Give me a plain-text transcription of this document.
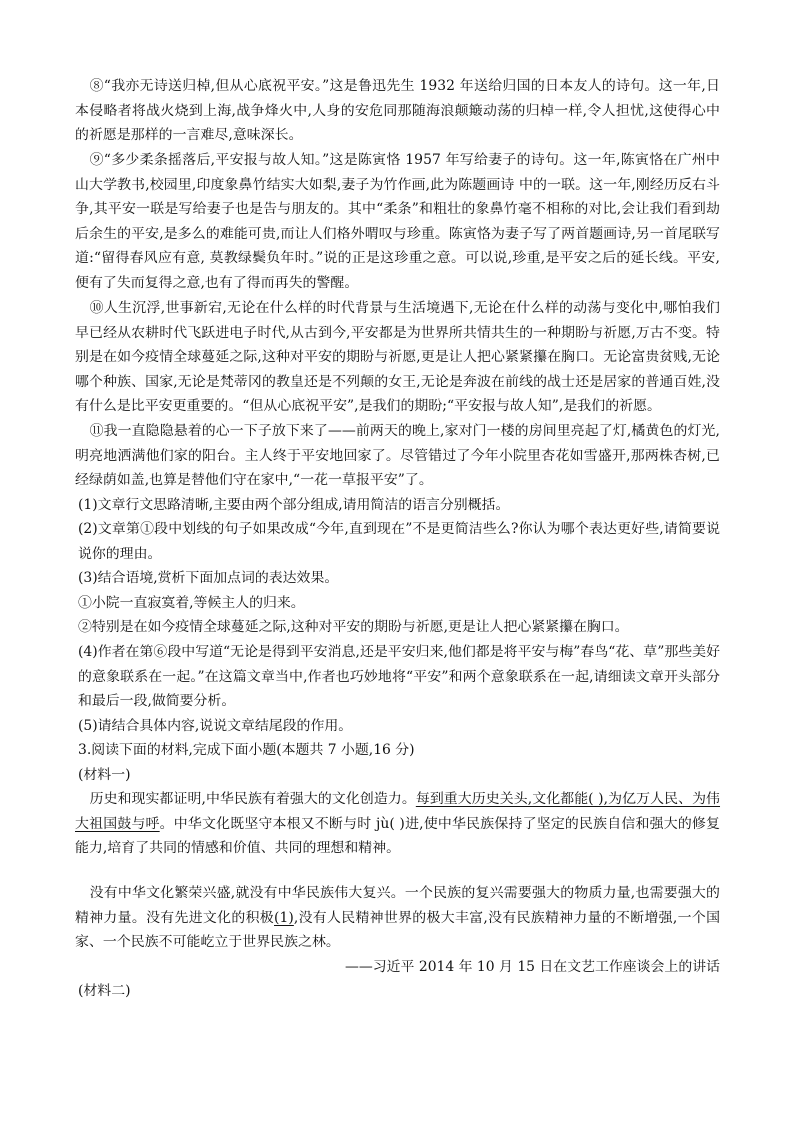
⑧“我亦无诗送归棹,但从心底祝平安。”这是鲁迅先生 1932 年送给归国的日本友人的诗句。这一年,日本侵略者将战火烧到上海,战争烽火中,人身的安危同那随海浪颠簸动荡的归棹一样,令人担忧,这使得心中的祈愿是那样的一言难尽,意味深长。

⑨“多少柔条摇落后,平安报与故人知。”这是陈寅恪 1957 年写给妻子的诗句。这一年,陈寅恪在广州中山大学教书,校园里,印度象鼻竹结实大如梨,妻子为竹作画,此为陈题画诗 中的一联。这一年,刚经历反右斗争,其平安一联是写给妻子也是告与朋友的。其中“柔条”和粗壮的象鼻竹毫不相称的对比,会让我们看到劫后余生的平安,是多么的难能可贵,而让人们格外喟叹与珍重。陈寅恪为妻子写了两首题画诗,另一首尾联写道:“留得春风应有意, 莫教绿鬓负年时。”说的正是这珍重之意。可以说,珍重,是平安之后的延长线。平安,便有了失而复得之意,也有了得而再失的警醒。

⑩人生沉浮,世事新宕,无论在什么样的时代背景与生活境遇下,无论在什么样的动荡与变化中,哪怕我们早已经从农耕时代飞跃进电子时代,从古到今,平安都是为世界所共情共生的一种期盼与祈愿,万古不变。特别是在如今疫情全球蔓延之际,这种对平安的期盼与祈愿,更是让人把心紧紧攥在胸口。无论富贵贫贱,无论哪个种族、国家,无论是梵蒂冈的教皇还是不列颠的女王,无论是奔波在前线的战士还是居家的普通百姓,没有什么是比平安更重要的。“但从心底祝平安”,是我们的期盼;“平安报与故人知”,是我们的祈愿。

⑪我一直隐隐悬着的心一下子放下来了——前两天的晚上,家对门一楼的房间里亮起了灯,橘黄色的灯光,明亮地洒满他们家的阳台。主人终于平安地回家了。尽管错过了今年小院里杏花如雪盛开,那两株杏树,已经绿荫如盖,也算是替他们守在家中,“一花一草报平安”了。

(1)文章行文思路清晰,主要由两个部分组成,请用简洁的语言分别概括。

(2)文章第①段中划线的句子如果改成“今年,直到现在”不是更简洁些么?你认为哪个表达更好些,请简要说说你的理由。

(3)结合语境,赏析下面加点词的表达效果。

①小院一直寂寞着,等候主人的归来。

②特别是在如今疫情全球蔓延之际,这种对平安的期盼与祈愿,更是让人把心紧紧攥在胸口。

(4)作者在第⑥段中写道“无论是得到平安消息,还是平安归来,他们都是将平安与梅”春鸟“花、草”那些美好的意象联系在一起。”在这篇文章当中,作者也巧妙地将“平安”和两个意象联系在一起,请细读文章开头部分和最后一段,做简要分析。

(5)请结合具体内容,说说文章结尾段的作用。

3.阅读下面的材料,完成下面小题(本题共 7 小题,16 分)

(材料一)

历史和现实都证明,中华民族有着强大的文化创造力。每到重大历史关头,文化都能( ),为亿万人民、为伟大祖国鼓与呼。中华文化既坚守本根又不断与时 jù( )进,使中华民族保持了坚定的民族自信和强大的修复能力,培育了共同的情感和价值、共同的理想和精神。

没有中华文化繁荣兴盛,就没有中华民族伟大复兴。一个民族的复兴需要强大的物质力量,也需要强大的精神力量。没有先进文化的积极(1),没有人民精神世界的极大丰富,没有民族精神力量的不断增强,一个国家、一个民族不可能屹立于世界民族之林。

——习近平 2014 年 10 月 15 日在文艺工作座谈会上的讲话

(材料二)
